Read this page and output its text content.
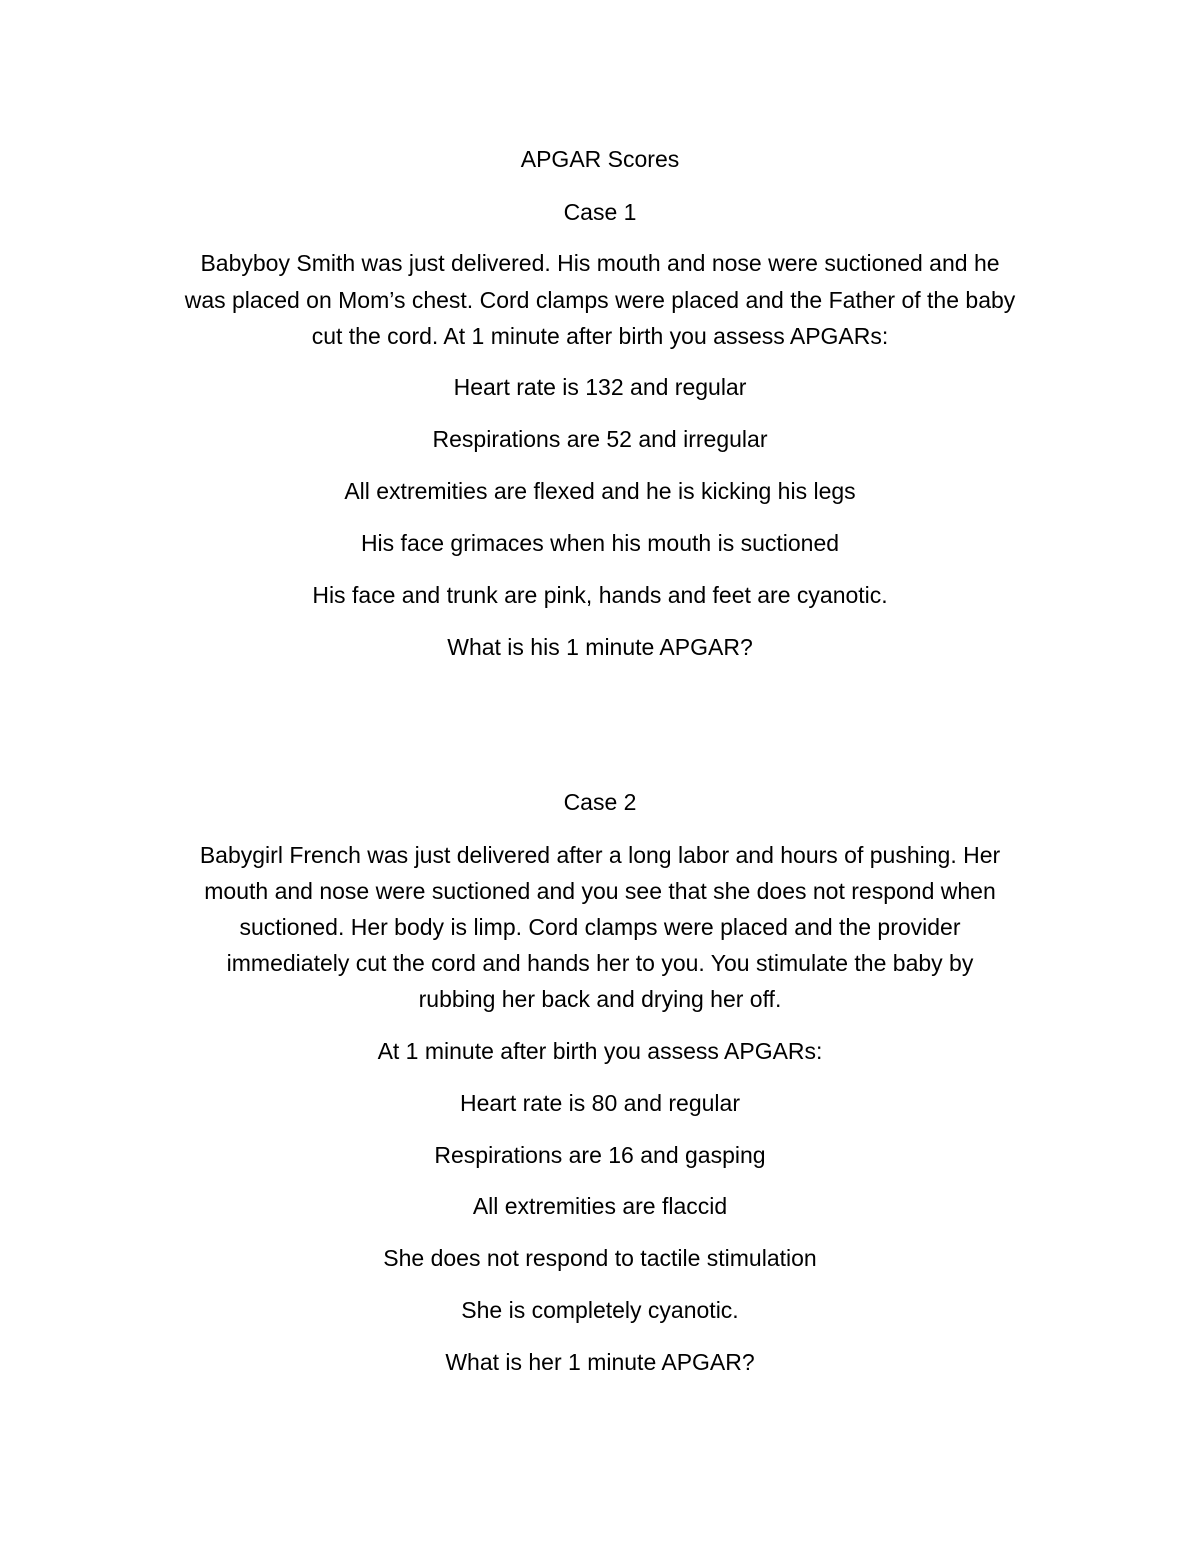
APGAR Scores

Case 1

Babyboy Smith was just delivered. His mouth and nose were suctioned and he

was placed on Mom’s chest. Cord clamps were placed and the Father of the baby

cut the cord. At 1 minute after birth you assess APGARs:

Heart rate is 132 and regular

Respirations are 52 and irregular

All extremities are flexed and he is kicking his legs

His face grimaces when his mouth is suctioned

His face and trunk are pink, hands and feet are cyanotic.

What is his 1 minute APGAR?

Case 2

Babygirl French was just delivered after a long labor and hours of pushing. Her

mouth and nose were suctioned and you see that she does not respond when

suctioned. Her body is limp. Cord clamps were placed and the provider

immediately cut the cord and hands her to you. You stimulate the baby by

rubbing her back and drying her off.

At 1 minute after birth you assess APGARs:

Heart rate is 80 and regular

Respirations are 16 and gasping

All extremities are flaccid

She does not respond to tactile stimulation

She is completely cyanotic.

What is her 1 minute APGAR?
